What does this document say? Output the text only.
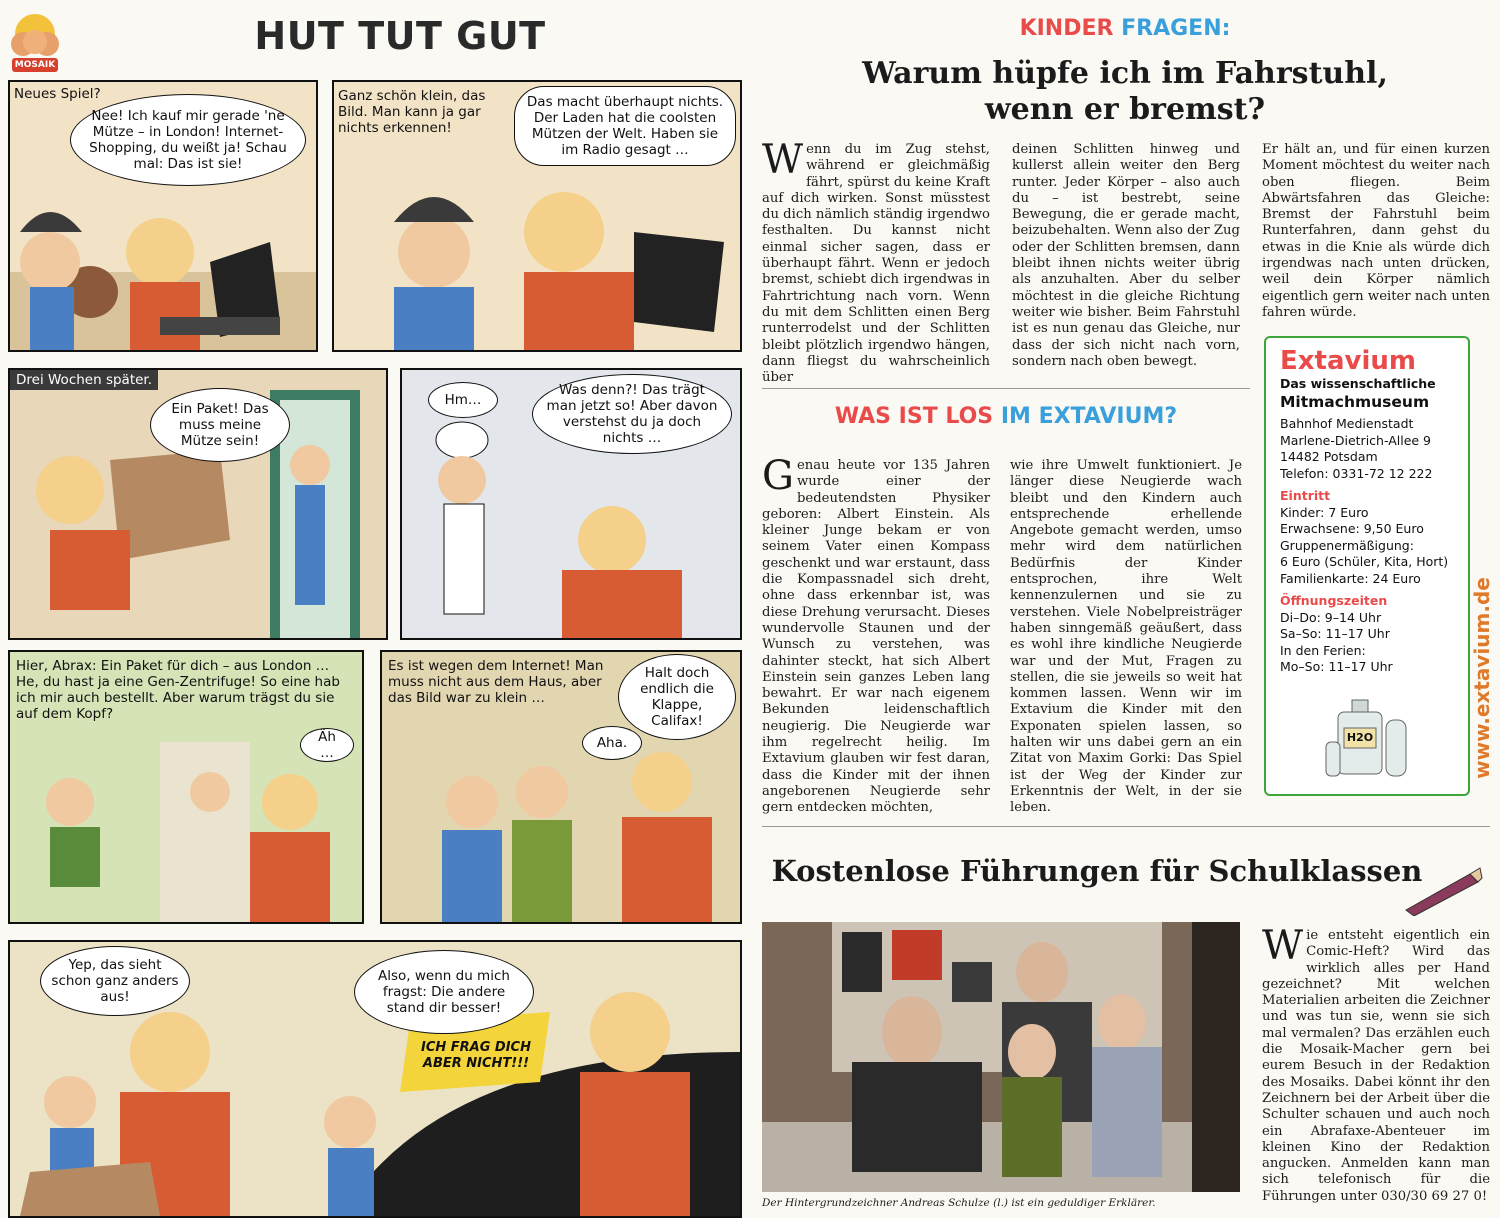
MOSAIK
HUT TUT GUT
Neues Spiel?
Nee! Ich kauf mir gerade 'ne Mütze – in London! Internet-Shopping, du weißt ja! Schau mal: Das ist sie!
Ganz schön klein, das Bild. Man kann ja gar nichts erkennen!
Das macht überhaupt nichts. Der Laden hat die coolsten Mützen der Welt. Haben sie im Radio gesagt …
Drei Wochen später.
Ein Paket! Das muss meine Mütze sein!
Hm…
Was denn?! Das trägt man jetzt so! Aber davon verstehst du ja doch nichts …
Hier, Abrax: Ein Paket für dich – aus London … He, du hast ja eine Gen-Zentrifuge! So eine hab ich mir auch bestellt. Aber warum trägst du sie auf dem Kopf?
Äh …
Es ist wegen dem Internet! Man muss nicht aus dem Haus, aber das Bild war zu klein …
Halt doch endlich die Klappe, Califax!
Aha.
Yep, das sieht schon ganz anders aus!
Also, wenn du mich fragst: Die andere stand dir besser!
ICH FRAG DICH ABER NICHT!!!
KINDER FRAGEN:
Warum hüpfe ich im Fahrstuhl,
wenn er bremst?
Wenn du im Zug stehst, während er gleichmäßig fährt, spürst du keine Kraft auf dich wirken. Sonst müsstest du dich nämlich ständig irgendwo festhalten. Du kannst nicht einmal sicher sagen, dass er überhaupt fährt. Wenn er jedoch bremst, schiebt dich irgendwas in Fahrtrichtung nach vorn. Wenn du mit dem Schlitten einen Berg runterrodelst und der Schlitten bleibt plötzlich irgendwo hängen, dann fliegst du wahrscheinlich über
deinen Schlitten hinweg und kullerst allein weiter den Berg runter. Jeder Körper – also auch du – ist bestrebt, seine Bewegung, die er gerade macht, beizubehalten. Wenn also der Zug oder der Schlitten bremsen, dann bleibt ihnen nichts weiter übrig als anzuhalten. Aber du selber möchtest in die gleiche Richtung weiter wie bisher. Beim Fahrstuhl ist es nun genau das Gleiche, nur dass der sich nicht nach vorn, sondern nach oben bewegt.
Er hält an, und für einen kurzen Moment möchtest du weiter nach oben fliegen. Beim Abwärtsfahren das Gleiche: Bremst der Fahrstuhl beim Runterfahren, dann gehst du etwas in die Knie als würde dich irgendwas nach unten drücken, weil dein Körper nämlich eigentlich gern weiter nach unten fahren würde.
WAS IST LOS IM EXTAVIUM?
Genau heute vor 135 Jahren wurde einer der bedeutendsten Physiker geboren: Albert Einstein. Als kleiner Junge bekam er von seinem Vater einen Kompass geschenkt und war erstaunt, dass die Kompassnadel sich dreht, ohne dass erkennbar ist, was diese Drehung verursacht. Dieses wundervolle Staunen und der Wunsch zu verstehen, was dahinter steckt, hat sich Albert Einstein sein ganzes Leben lang bewahrt. Er war nach eigenem Bekunden leidenschaftlich neugierig. Die Neugierde war ihm regelrecht heilig. Im Extavium glauben wir fest daran, dass die Kinder mit der ihnen angeborenen Neugierde sehr gern entdecken möchten,
wie ihre Umwelt funktioniert. Je länger diese Neugierde wach bleibt und den Kindern auch entsprechende erhellende Angebote gemacht werden, umso mehr wird dem natürlichen Bedürfnis der Kinder entsprochen, ihre Welt kennenzulernen und sie zu verstehen. Viele Nobelpreisträger haben sinngemäß geäußert, dass es wohl ihre kindliche Neugierde war und der Mut, Fragen zu stellen, die sie jeweils so weit hat kommen lassen. Wenn wir im Extavium die Kinder mit den Exponaten spielen lassen, so halten wir uns dabei gern an ein Zitat von Maxim Gorki: Das Spiel ist der Weg der Kinder zur Erkenntnis der Welt, in der sie leben.
Extavium
Das wissenschaftliche
Mitmachmuseum
Bahnhof Medienstadt
Marlene-Dietrich-Allee 9
14482 Potsdam
Telefon: 0331-72 12 222
Eintritt
Kinder: 7 Euro
Erwachsene: 9,50 Euro
Gruppenermäßigung:
6 Euro (Schüler, Kita, Hort)
Familienkarte: 24 Euro
Öffnungszeiten
Di–Do: 9–14 Uhr
Sa–So: 11–17 Uhr
In den Ferien:
Mo–So: 11–17 Uhr
H2O	www.extavium.de
Kostenlose Führungen für Schulklassen
Der Hintergrundzeichner Andreas Schulze (l.) ist ein geduldiger Erklärer.
Wie entsteht eigentlich ein Comic-Heft? Wird das wirklich alles per Hand gezeichnet? Mit welchen Materialien arbeiten die Zeichner und was tun sie, wenn sie sich mal vermalen? Das erzählen euch die Mosaik-Macher gern bei eurem Besuch in der Redaktion des Mosaiks. Dabei könnt ihr den Zeichnern bei der Arbeit über die Schulter schauen und auch noch ein Abrafaxe-Abenteuer im kleinen Kino der Redaktion angucken. Anmelden kann man sich telefonisch für die Führungen unter 030/30 69 27 0!
